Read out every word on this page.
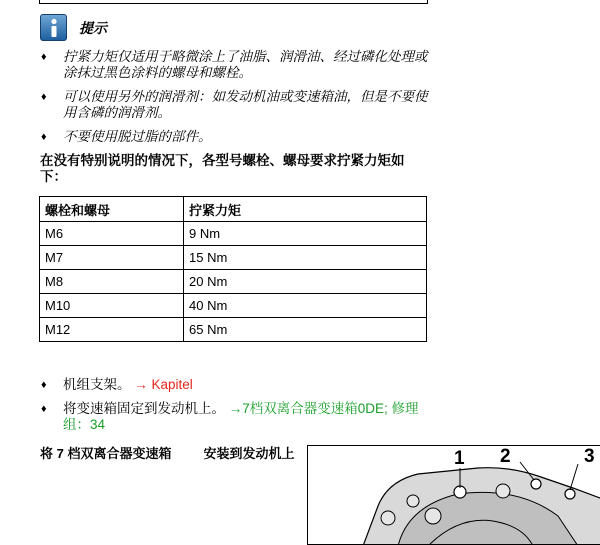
提示
♦ 拧紧力矩仅适用于略微涂上了油脂、润滑油、经过磷化处理或涂抹过黑色涂料的螺母和螺栓。
♦ 可以使用另外的润滑剂：如发动机油或变速箱油，但是不要使用含磷的润滑剂。
♦ 不要使用脱过脂的部件。
在没有特别说明的情况下，各型号螺栓、螺母要求拧紧力矩如下：
螺栓和螺母	拧紧力矩
M6	9 Nm
M7	15 Nm
M8	20 Nm
M10	40 Nm
M12	65 Nm
♦ 机组支架。 → Kapitel
♦ 将变速箱固定到发动机上。 →7档双离合器变速箱0DE; 修理组：34
将 7 档双离合器变速箱 安装到发动机上	1 2	3
